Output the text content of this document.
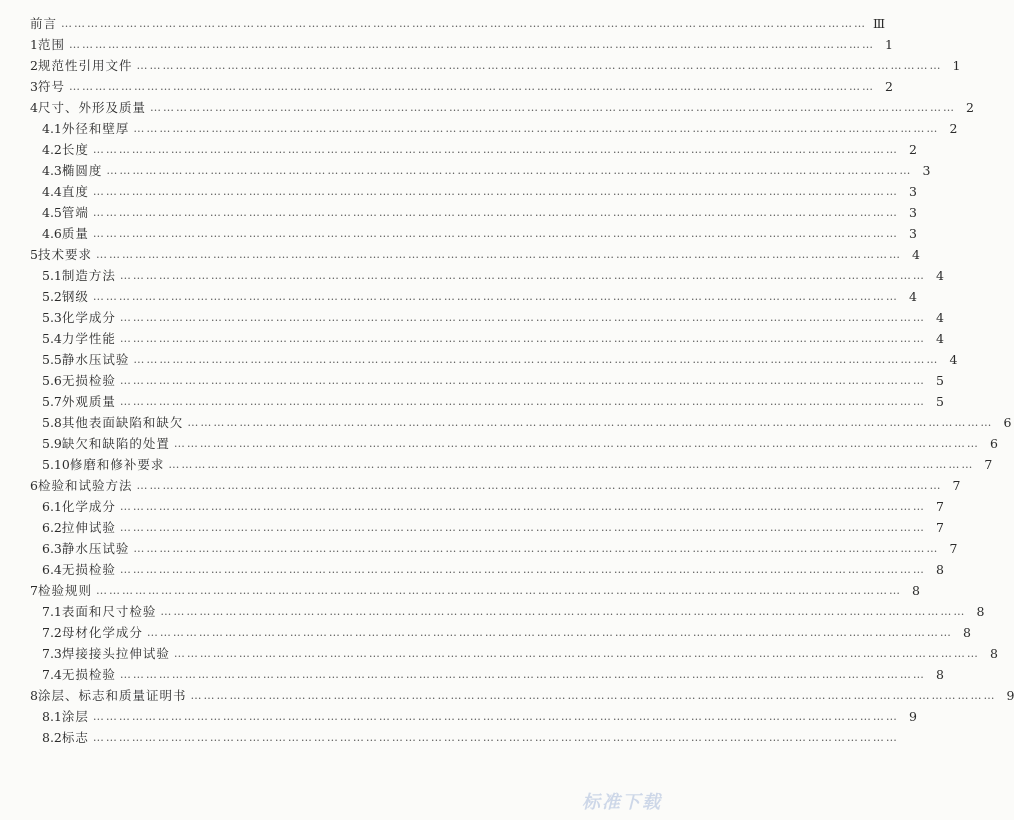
前言 …………………………………………………………………………………………………………………………………………………………………… Ⅲ
1 范围 …………………………………………………………………………………………………………………………………………………………………… 1
2 规范性引用文件 …………………………………………………………………………………………………………………………………………………………………… 1
3 符号 …………………………………………………………………………………………………………………………………………………………………… 2
4 尺寸、外形及质量 …………………………………………………………………………………………………………………………………………………………………… 2
4.1 外径和壁厚 …………………………………………………………………………………………………………………………………………………………………… 2
4.2 长度 …………………………………………………………………………………………………………………………………………………………………… 2
4.3 椭圆度 …………………………………………………………………………………………………………………………………………………………………… 3
4.4 直度 …………………………………………………………………………………………………………………………………………………………………… 3
4.5 管端 …………………………………………………………………………………………………………………………………………………………………… 3
4.6 质量 …………………………………………………………………………………………………………………………………………………………………… 3
5 技术要求 …………………………………………………………………………………………………………………………………………………………………… 4
5.1 制造方法 …………………………………………………………………………………………………………………………………………………………………… 4
5.2 钢级 …………………………………………………………………………………………………………………………………………………………………… 4
5.3 化学成分 …………………………………………………………………………………………………………………………………………………………………… 4
5.4 力学性能 …………………………………………………………………………………………………………………………………………………………………… 4
5.5 静水压试验 …………………………………………………………………………………………………………………………………………………………………… 4
5.6 无损检验 …………………………………………………………………………………………………………………………………………………………………… 5
5.7 外观质量 …………………………………………………………………………………………………………………………………………………………………… 5
5.8 其他表面缺陷和缺欠 …………………………………………………………………………………………………………………………………………………………………… 6
5.9 缺欠和缺陷的处置 …………………………………………………………………………………………………………………………………………………………………… 6
5.10 修磨和修补要求 …………………………………………………………………………………………………………………………………………………………………… 7
6 检验和试验方法 …………………………………………………………………………………………………………………………………………………………………… 7
6.1 化学成分 …………………………………………………………………………………………………………………………………………………………………… 7
6.2 拉伸试验 …………………………………………………………………………………………………………………………………………………………………… 7
6.3 静水压试验 …………………………………………………………………………………………………………………………………………………………………… 7
6.4 无损检验 …………………………………………………………………………………………………………………………………………………………………… 8
7 检验规则 …………………………………………………………………………………………………………………………………………………………………… 8
7.1 表面和尺寸检验 …………………………………………………………………………………………………………………………………………………………………… 8
7.2 母材化学成分 …………………………………………………………………………………………………………………………………………………………………… 8
7.3 焊接接头拉伸试验 …………………………………………………………………………………………………………………………………………………………………… 8
7.4 无损检验 …………………………………………………………………………………………………………………………………………………………………… 8
8 涂层、标志和质量证明书 …………………………………………………………………………………………………………………………………………………………………… 9
8.1 涂层 …………………………………………………………………………………………………………………………………………………………………… 9
8.2 标志 ……………………………………………………………………………………………………………………………………………………………………
标准下载
